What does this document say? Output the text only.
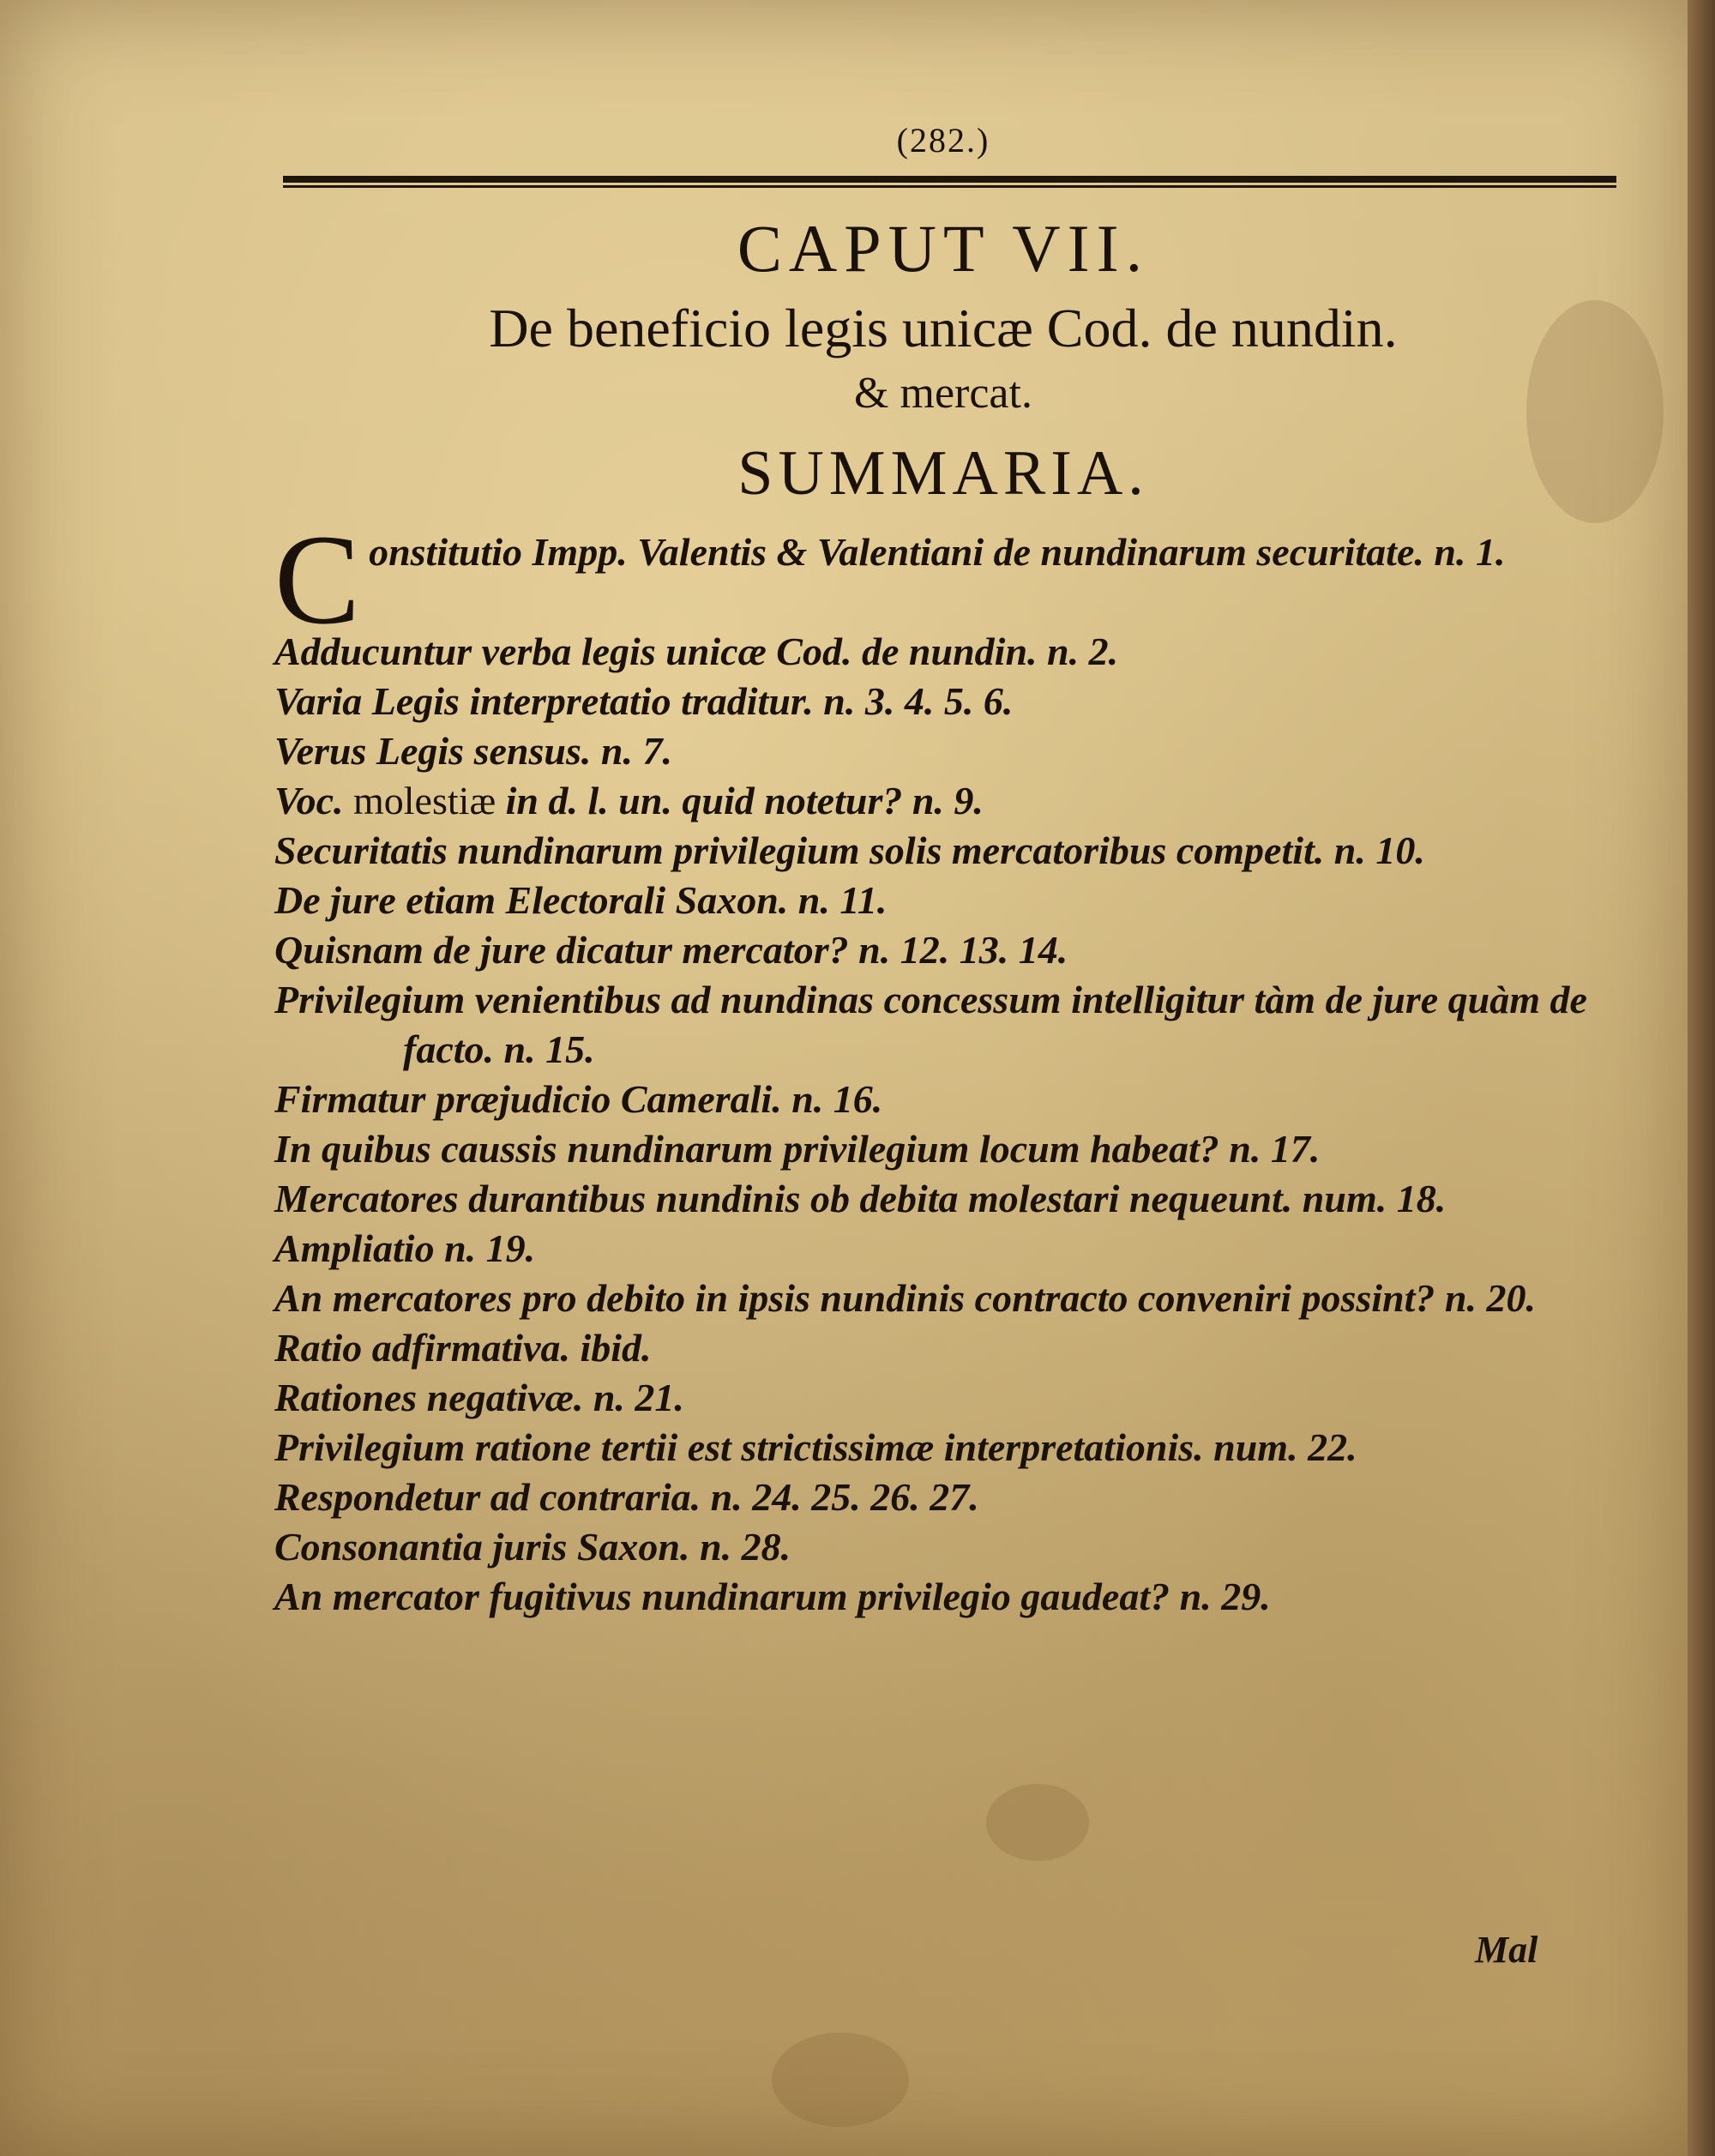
(282.)
CAPUT VII.
De beneficio legis unicæ Cod. de nundin.
& mercat.
SUMMARIA.

Constitutio Impp. Valentis & Valentiani de nundinarum securitate. n. 1.

Adducuntur verba legis unicæ Cod. de nundin. n. 2.

Varia Legis interpretatio traditur. n. 3. 4. 5. 6.

Verus Legis sensus. n. 7.

Voc. molestiæ in d. l. un. quid notetur? n. 9.

Securitatis nundinarum privilegium solis mercatoribus competit. n. 10.

De jure etiam Electorali Saxon. n. 11.

Quisnam de jure dicatur mercator? n. 12. 13. 14.

Privilegium venientibus ad nundinas concessum intelligitur tàm de jure quàm de facto. n. 15.

Firmatur præjudicio Camerali. n. 16.

In quibus caussis nundinarum privilegium locum habeat? n. 17.

Mercatores durantibus nundinis ob debita molestari nequeunt. num. 18.

Ampliatio n. 19.

An mercatores pro debito in ipsis nundinis contracto conveniri possint? n. 20.

Ratio adfirmativa. ibid.

Rationes negativæ. n. 21.

Privilegium ratione tertii est strictissimæ interpretationis. num. 22.

Respondetur ad contraria. n. 24. 25. 26. 27.

Consonantia juris Saxon. n. 28.

An mercator fugitivus nundinarum privilegio gaudeat? n. 29.

Mal
